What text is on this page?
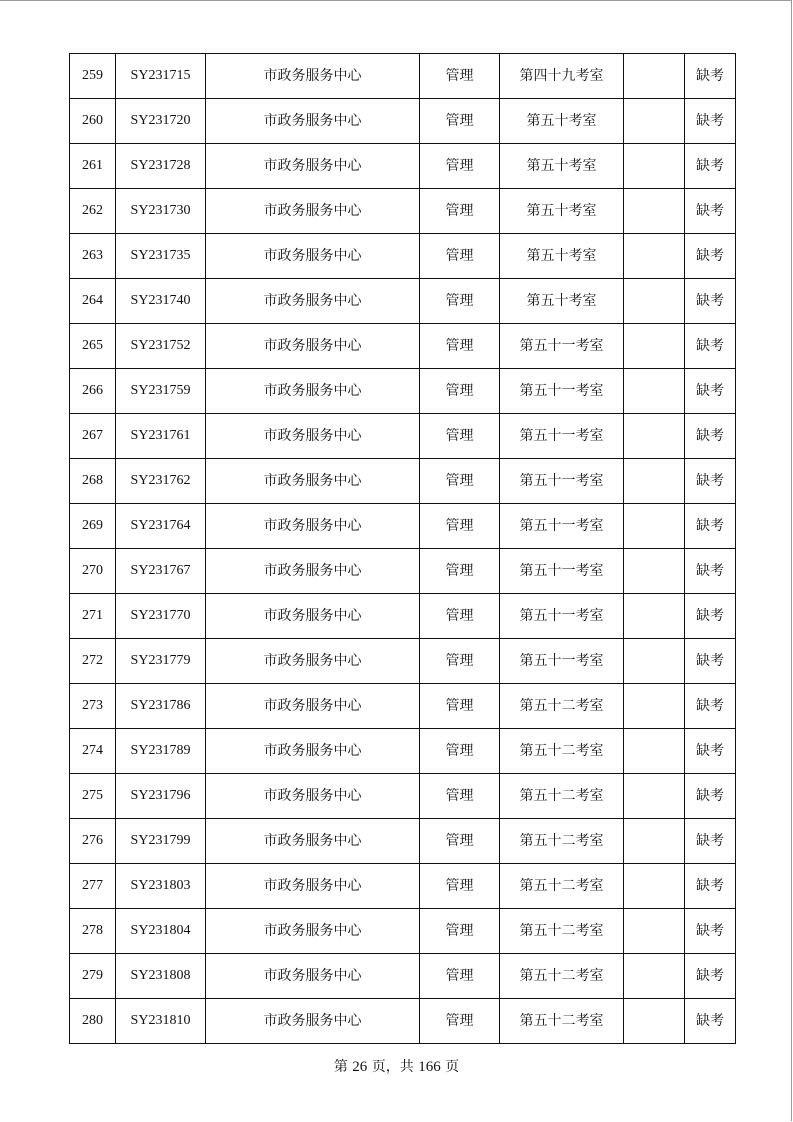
259	SY231715	市政务服务中心	管理	第四十九考室		缺考
260	SY231720	市政务服务中心	管理	第五十考室		缺考
261	SY231728	市政务服务中心	管理	第五十考室		缺考
262	SY231730	市政务服务中心	管理	第五十考室		缺考
263	SY231735	市政务服务中心	管理	第五十考室		缺考
264	SY231740	市政务服务中心	管理	第五十考室		缺考
265	SY231752	市政务服务中心	管理	第五十一考室		缺考
266	SY231759	市政务服务中心	管理	第五十一考室		缺考
267	SY231761	市政务服务中心	管理	第五十一考室		缺考
268	SY231762	市政务服务中心	管理	第五十一考室		缺考
269	SY231764	市政务服务中心	管理	第五十一考室		缺考
270	SY231767	市政务服务中心	管理	第五十一考室		缺考
271	SY231770	市政务服务中心	管理	第五十一考室		缺考
272	SY231779	市政务服务中心	管理	第五十一考室		缺考
273	SY231786	市政务服务中心	管理	第五十二考室		缺考
274	SY231789	市政务服务中心	管理	第五十二考室		缺考
275	SY231796	市政务服务中心	管理	第五十二考室		缺考
276	SY231799	市政务服务中心	管理	第五十二考室		缺考
277	SY231803	市政务服务中心	管理	第五十二考室		缺考
278	SY231804	市政务服务中心	管理	第五十二考室		缺考
279	SY231808	市政务服务中心	管理	第五十二考室		缺考
280	SY231810	市政务服务中心	管理	第五十二考室		缺考
第 26 页，共 166 页
